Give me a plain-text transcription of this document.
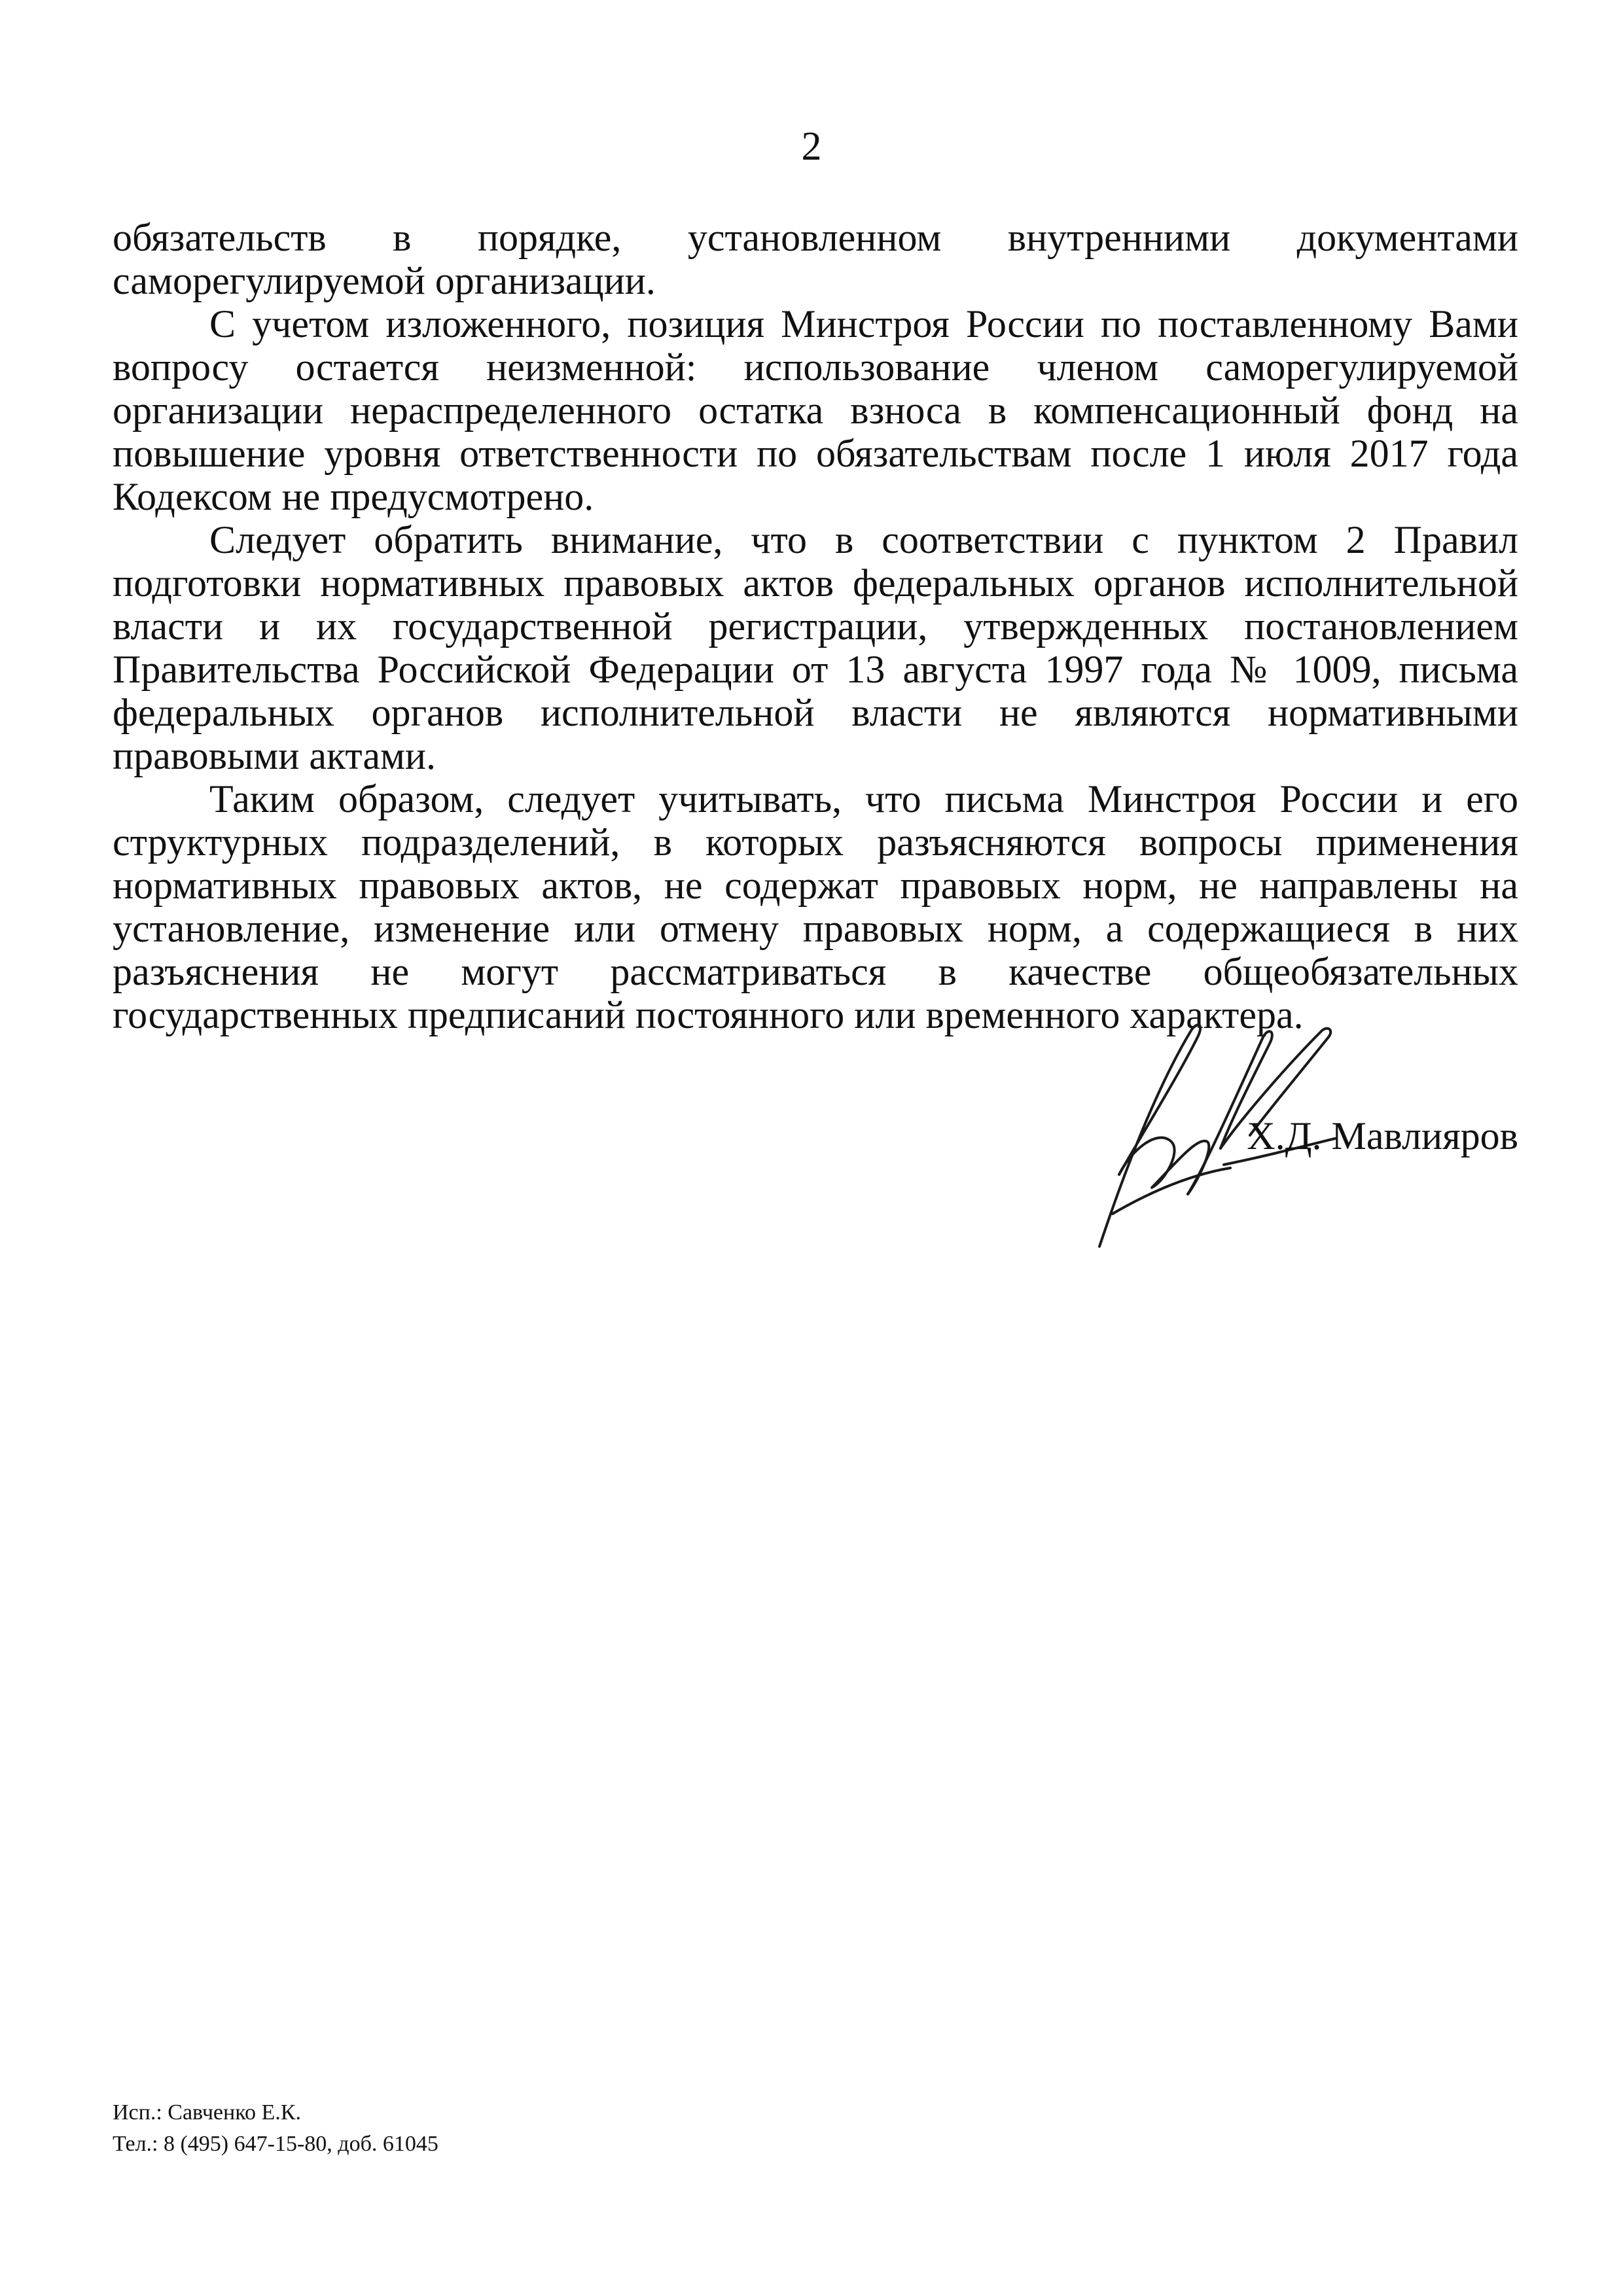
2

обязательств в порядке, установленном внутренними документами саморегулируемой организации.

С учетом изложенного, позиция Минстроя России по поставленному Вами вопросу остается неизменной: использование членом саморегулируемой организации нераспределенного остатка взноса в компенсационный фонд на повышение уровня ответственности по обязательствам после 1 июля 2017 года Кодексом не предусмотрено.

Следует обратить внимание, что в соответствии с пунктом 2 Правил подготовки нормативных правовых актов федеральных органов исполнительной власти и их государственной регистрации, утвержденных постановлением Правительства Российской Федерации от 13 августа 1997 года № 1009, письма федеральных органов исполнительной власти не являются нормативными правовыми актами.

Таким образом, следует учитывать, что письма Минстроя России и его структурных подразделений, в которых разъясняются вопросы применения нормативных правовых актов, не содержат правовых норм, не направлены на установление, изменение или отмену правовых норм, а содержащиеся в них разъяснения не могут рассматриваться в качестве общеобязательных государственных предписаний постоянного или временного характера.

Х.Д. Мавлияров
Исп.: Савченко Е.К.
Тел.: 8 (495) 647-15-80, доб. 61045
